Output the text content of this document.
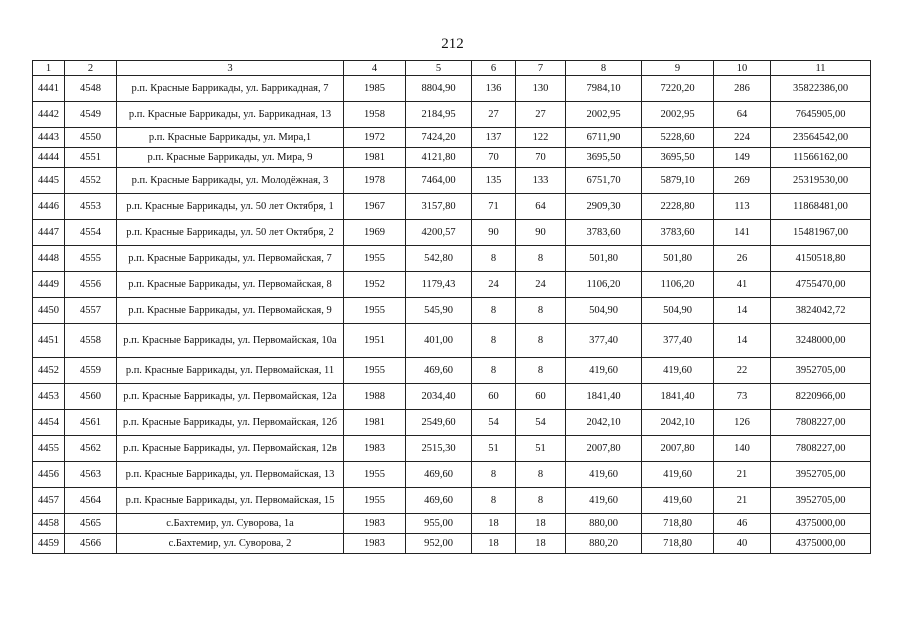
212
1	2	3	4	5	6	7	8	9	10	11
4441	4548	р.п. Красные Баррикады, ул. Баррикадная, 7	1985	8804,90	136	130	7984,10	7220,20	286	35822386,00
4442	4549	р.п. Красные Баррикады, ул. Баррикадная, 13	1958	2184,95	27	27	2002,95	2002,95	64	7645905,00
4443	4550	р.п. Красные Баррикады, ул. Мира,1	1972	7424,20	137	122	6711,90	5228,60	224	23564542,00
4444	4551	р.п. Красные Баррикады, ул. Мира, 9	1981	4121,80	70	70	3695,50	3695,50	149	11566162,00
4445	4552	р.п. Красные Баррикады, ул. Молодёжная, 3	1978	7464,00	135	133	6751,70	5879,10	269	25319530,00
4446	4553	р.п. Красные Баррикады, ул. 50 лет Октября, 1	1967	3157,80	71	64	2909,30	2228,80	113	11868481,00
4447	4554	р.п. Красные Баррикады, ул. 50 лет Октября, 2	1969	4200,57	90	90	3783,60	3783,60	141	15481967,00
4448	4555	р.п. Красные Баррикады, ул. Первомайская, 7	1955	542,80	8	8	501,80	501,80	26	4150518,80
4449	4556	р.п. Красные Баррикады, ул. Первомайская, 8	1952	1179,43	24	24	1106,20	1106,20	41	4755470,00
4450	4557	р.п. Красные Баррикады, ул. Первомайская, 9	1955	545,90	8	8	504,90	504,90	14	3824042,72
4451	4558	р.п. Красные Баррикады, ул. Первомайская, 10а	1951	401,00	8	8	377,40	377,40	14	3248000,00
4452	4559	р.п. Красные Баррикады, ул. Первомайская, 11	1955	469,60	8	8	419,60	419,60	22	3952705,00
4453	4560	р.п. Красные Баррикады, ул. Первомайская, 12а	1988	2034,40	60	60	1841,40	1841,40	73	8220966,00
4454	4561	р.п. Красные Баррикады, ул. Первомайская, 12б	1981	2549,60	54	54	2042,10	2042,10	126	7808227,00
4455	4562	р.п. Красные Баррикады, ул. Первомайская, 12в	1983	2515,30	51	51	2007,80	2007,80	140	7808227,00
4456	4563	р.п. Красные Баррикады, ул. Первомайская, 13	1955	469,60	8	8	419,60	419,60	21	3952705,00
4457	4564	р.п. Красные Баррикады, ул. Первомайская, 15	1955	469,60	8	8	419,60	419,60	21	3952705,00
4458	4565	с.Бахтемир, ул. Суворова, 1а	1983	955,00	18	18	880,00	718,80	46	4375000,00
4459	4566	с.Бахтемир, ул. Суворова, 2	1983	952,00	18	18	880,20	718,80	40	4375000,00
